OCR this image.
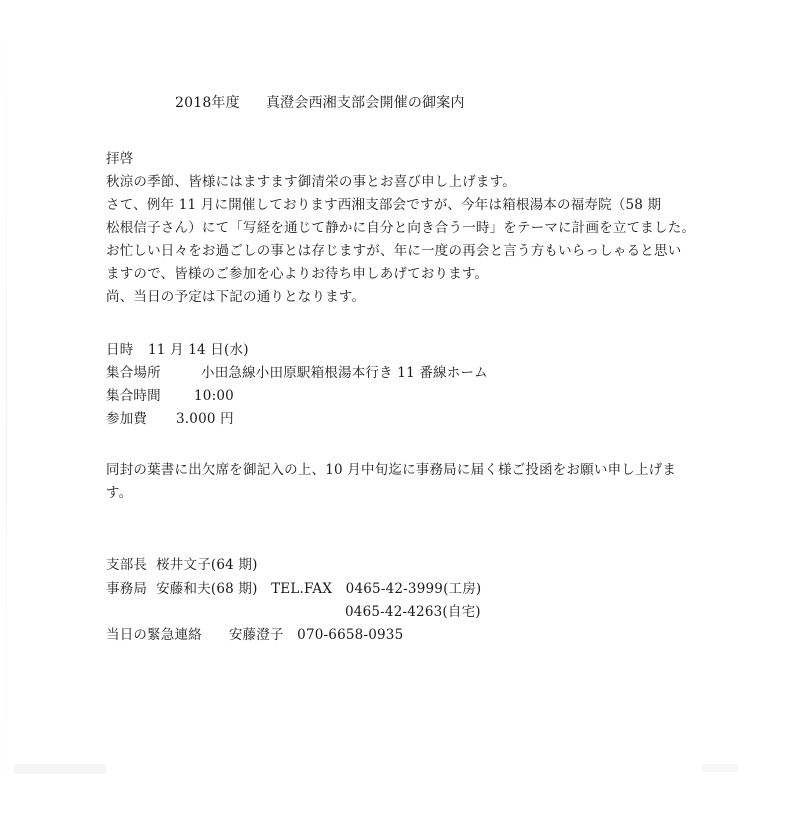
2018年度 真澄会西湘支部会開催の御案内
拝啓
秋涼の季節、皆様にはますます御清栄の事とお喜び申し上げます。
さて、例年 11 月に開催しております西湘支部会ですが、今年は箱根湯本の福寿院（58 期
松根信子さん）にて「写経を通じて静かに自分と向き合う一時」をテーマに計画を立てました。
お忙しい日々をお過ごしの事とは存じますが、年に一度の再会と言う方もいらっしゃると思い
ますので、皆様のご参加を心よりお待ち申しあげております。
尚、当日の予定は下記の通りとなります。
日時 11 月 14 日(水)
集合場所	小田急線小田原駅箱根湯本行き 11 番線ホーム
集合時間 10:00
参加費 3.000 円
同封の葉書に出欠席を御記入の上、10 月中旬迄に事務局に届く様ご投函をお願い申し上げま
す。
支部長 桜井文子(64 期)
事務局 安藤和夫(68 期) TEL.FAX 0465-42-3999(工房)
0465-42-4263(自宅)
当日の緊急連絡 安藤澄子 070-6658-0935
